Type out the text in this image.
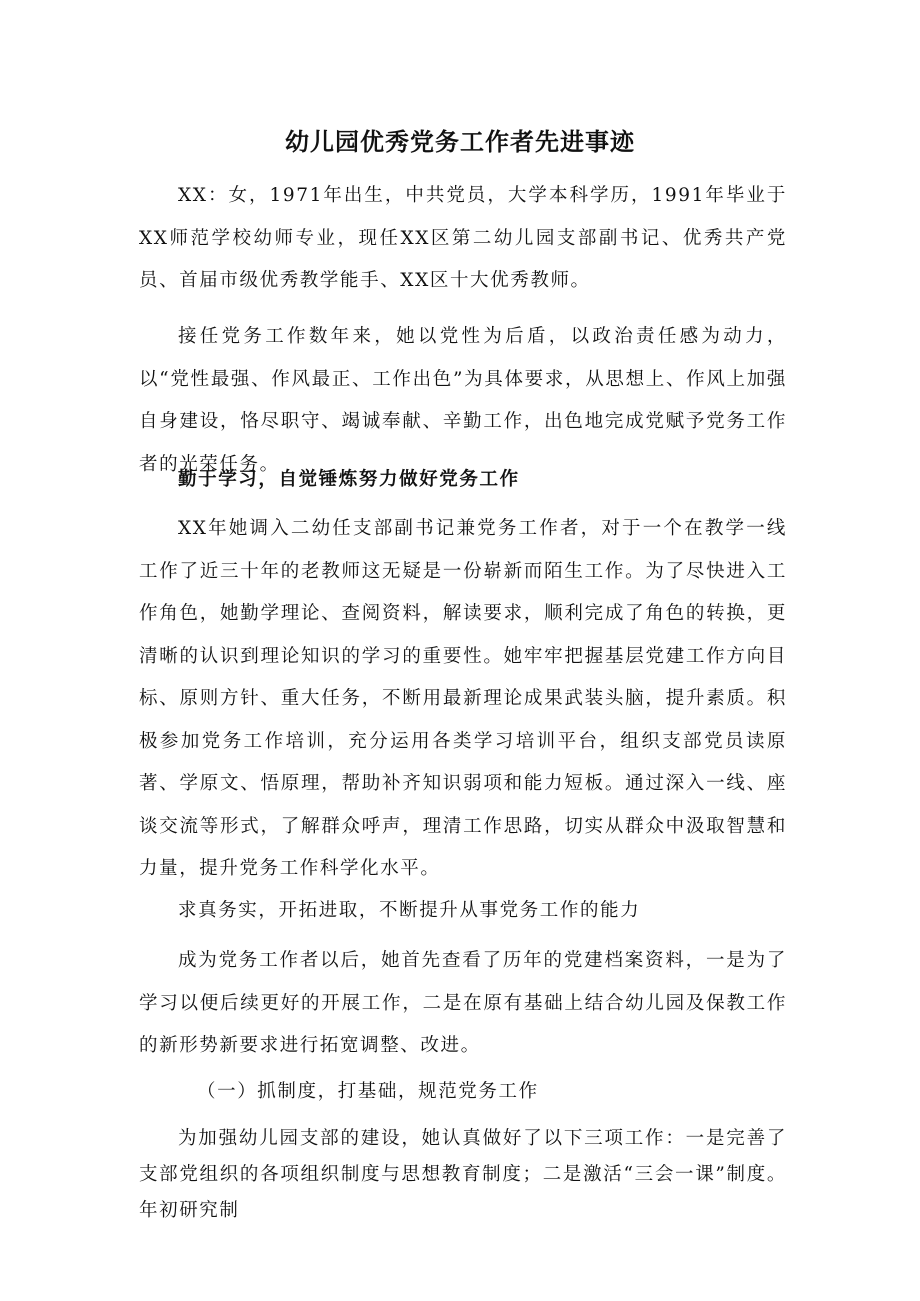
幼儿园优秀党务工作者先进事迹

XX：女，1971年出生，中共党员，大学本科学历，1991年毕业于XX师范学校幼师专业，现任XX区第二幼儿园支部副书记、优秀共产党员、首届市级优秀教学能手、XX区十大优秀教师。

接任党务工作数年来，她以党性为后盾，以政治责任感为动力，以“党性最强、作风最正、工作出色”为具体要求，从思想上、作风上加强自身建设，恪尽职守、竭诚奉献、辛勤工作，出色地完成党赋予党务工作者的光荣任务。

勤于学习，自觉锤炼努力做好党务工作

XX年她调入二幼任支部副书记兼党务工作者，对于一个在教学一线工作了近三十年的老教师这无疑是一份崭新而陌生工作。为了尽快进入工作角色，她勤学理论、查阅资料，解读要求，顺利完成了角色的转换，更清晰的认识到理论知识的学习的重要性。她牢牢把握基层党建工作方向目标、原则方针、重大任务，不断用最新理论成果武装头脑，提升素质。积极参加党务工作培训，充分运用各类学习培训平台，组织支部党员读原著、学原文、悟原理，帮助补齐知识弱项和能力短板。通过深入一线、座谈交流等形式，了解群众呼声，理清工作思路，切实从群众中汲取智慧和力量，提升党务工作科学化水平。

求真务实，开拓进取，不断提升从事党务工作的能力

成为党务工作者以后，她首先查看了历年的党建档案资料，一是为了学习以便后续更好的开展工作，二是在原有基础上结合幼儿园及保教工作的新形势新要求进行拓宽调整、改进。

（一）抓制度，打基础，规范党务工作

为加强幼儿园支部的建设，她认真做好了以下三项工作：一是完善了支部党组织的各项组织制度与思想教育制度；二是激活“三会一课”制度。年初研究制
